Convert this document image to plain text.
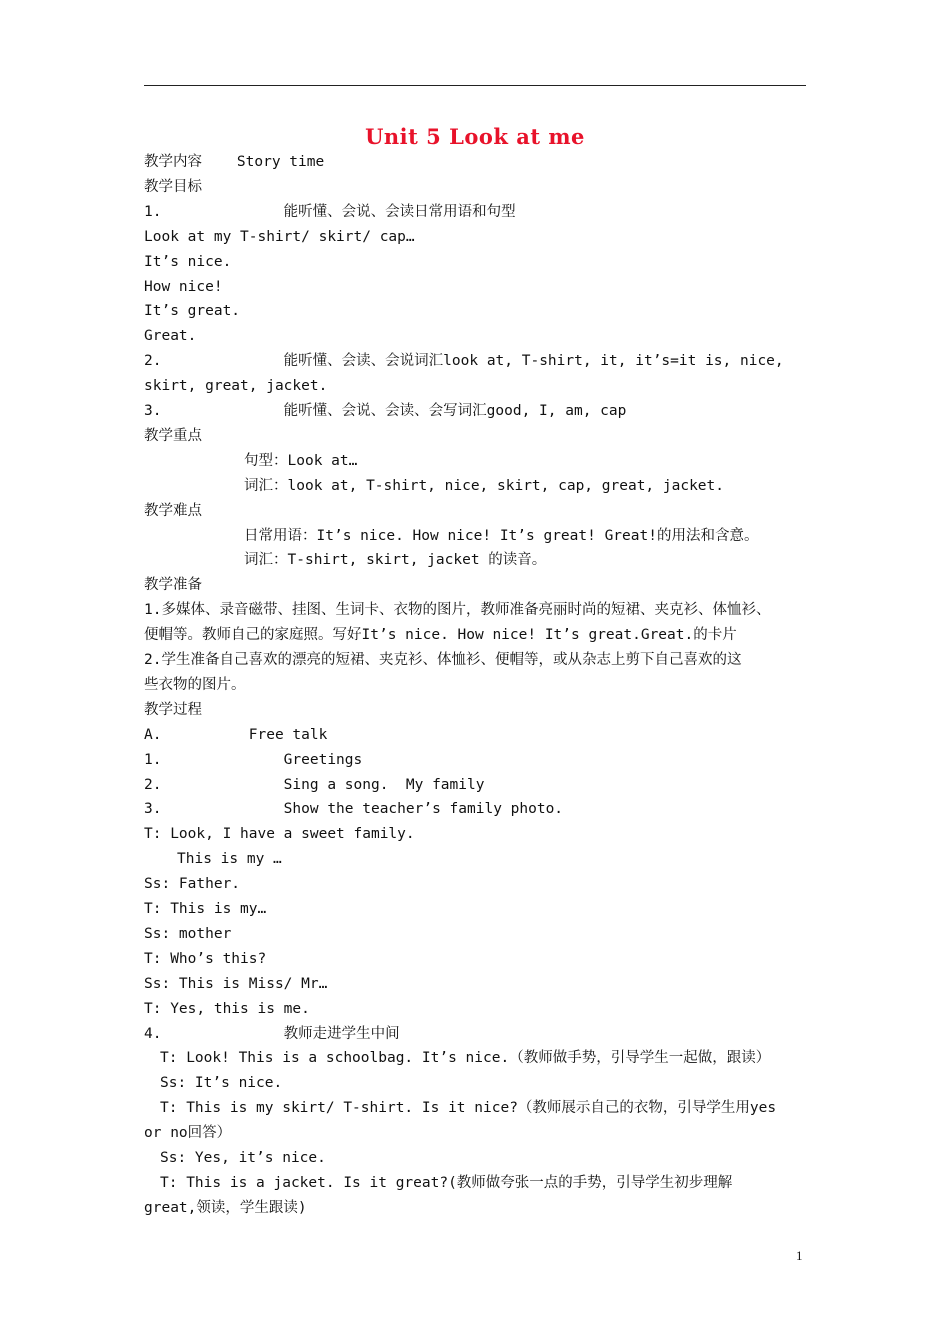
Unit 5 Look at me
教学内容    Story time
教学目标
1.              能听懂、会说、会读日常用语和句型
Look at my T-shirt/ skirt/ cap…
It’s nice.
How nice!
It’s great.
Great.
2.              能听懂、会读、会说词汇look at, T-shirt, it, it’s=it is, nice,
skirt, great, jacket.
3.              能听懂、会说、会读、会写词汇good, I, am, cap
教学重点
句型：Look at…
词汇：look at, T-shirt, nice, skirt, cap, great, jacket.
教学难点
日常用语：It’s nice. How nice! It’s great! Great!的用法和含意。
词汇：T-shirt, skirt, jacket 的读音。
教学准备
1.多媒体、录音磁带、挂图、生词卡、衣物的图片，教师准备亮丽时尚的短裙、夹克衫、体恤衫、
便帽等。教师自己的家庭照。写好It’s nice. How nice! It’s great.Great.的卡片
2.学生准备自己喜欢的漂亮的短裙、夹克衫、体恤衫、便帽等，或从杂志上剪下自己喜欢的这
些衣物的图片。
教学过程
A.          Free talk
1.              Greetings
2.              Sing a song.  My family
3.              Show the teacher’s family photo.
T: Look, I have a sweet family.
This is my …
Ss: Father.
T: This is my…
Ss: mother
T: Who’s this?
Ss: This is Miss/ Mr…
T: Yes, this is me.
4.              教师走进学生中间
T: Look! This is a schoolbag. It’s nice.（教师做手势，引导学生一起做，跟读）
Ss: It’s nice.
T: This is my skirt/ T-shirt. Is it nice?（教师展示自己的衣物，引导学生用yes
or no回答）
Ss: Yes, it’s nice.
T: This is a jacket. Is it great?(教师做夸张一点的手势，引导学生初步理解
great,领读，学生跟读)
1
